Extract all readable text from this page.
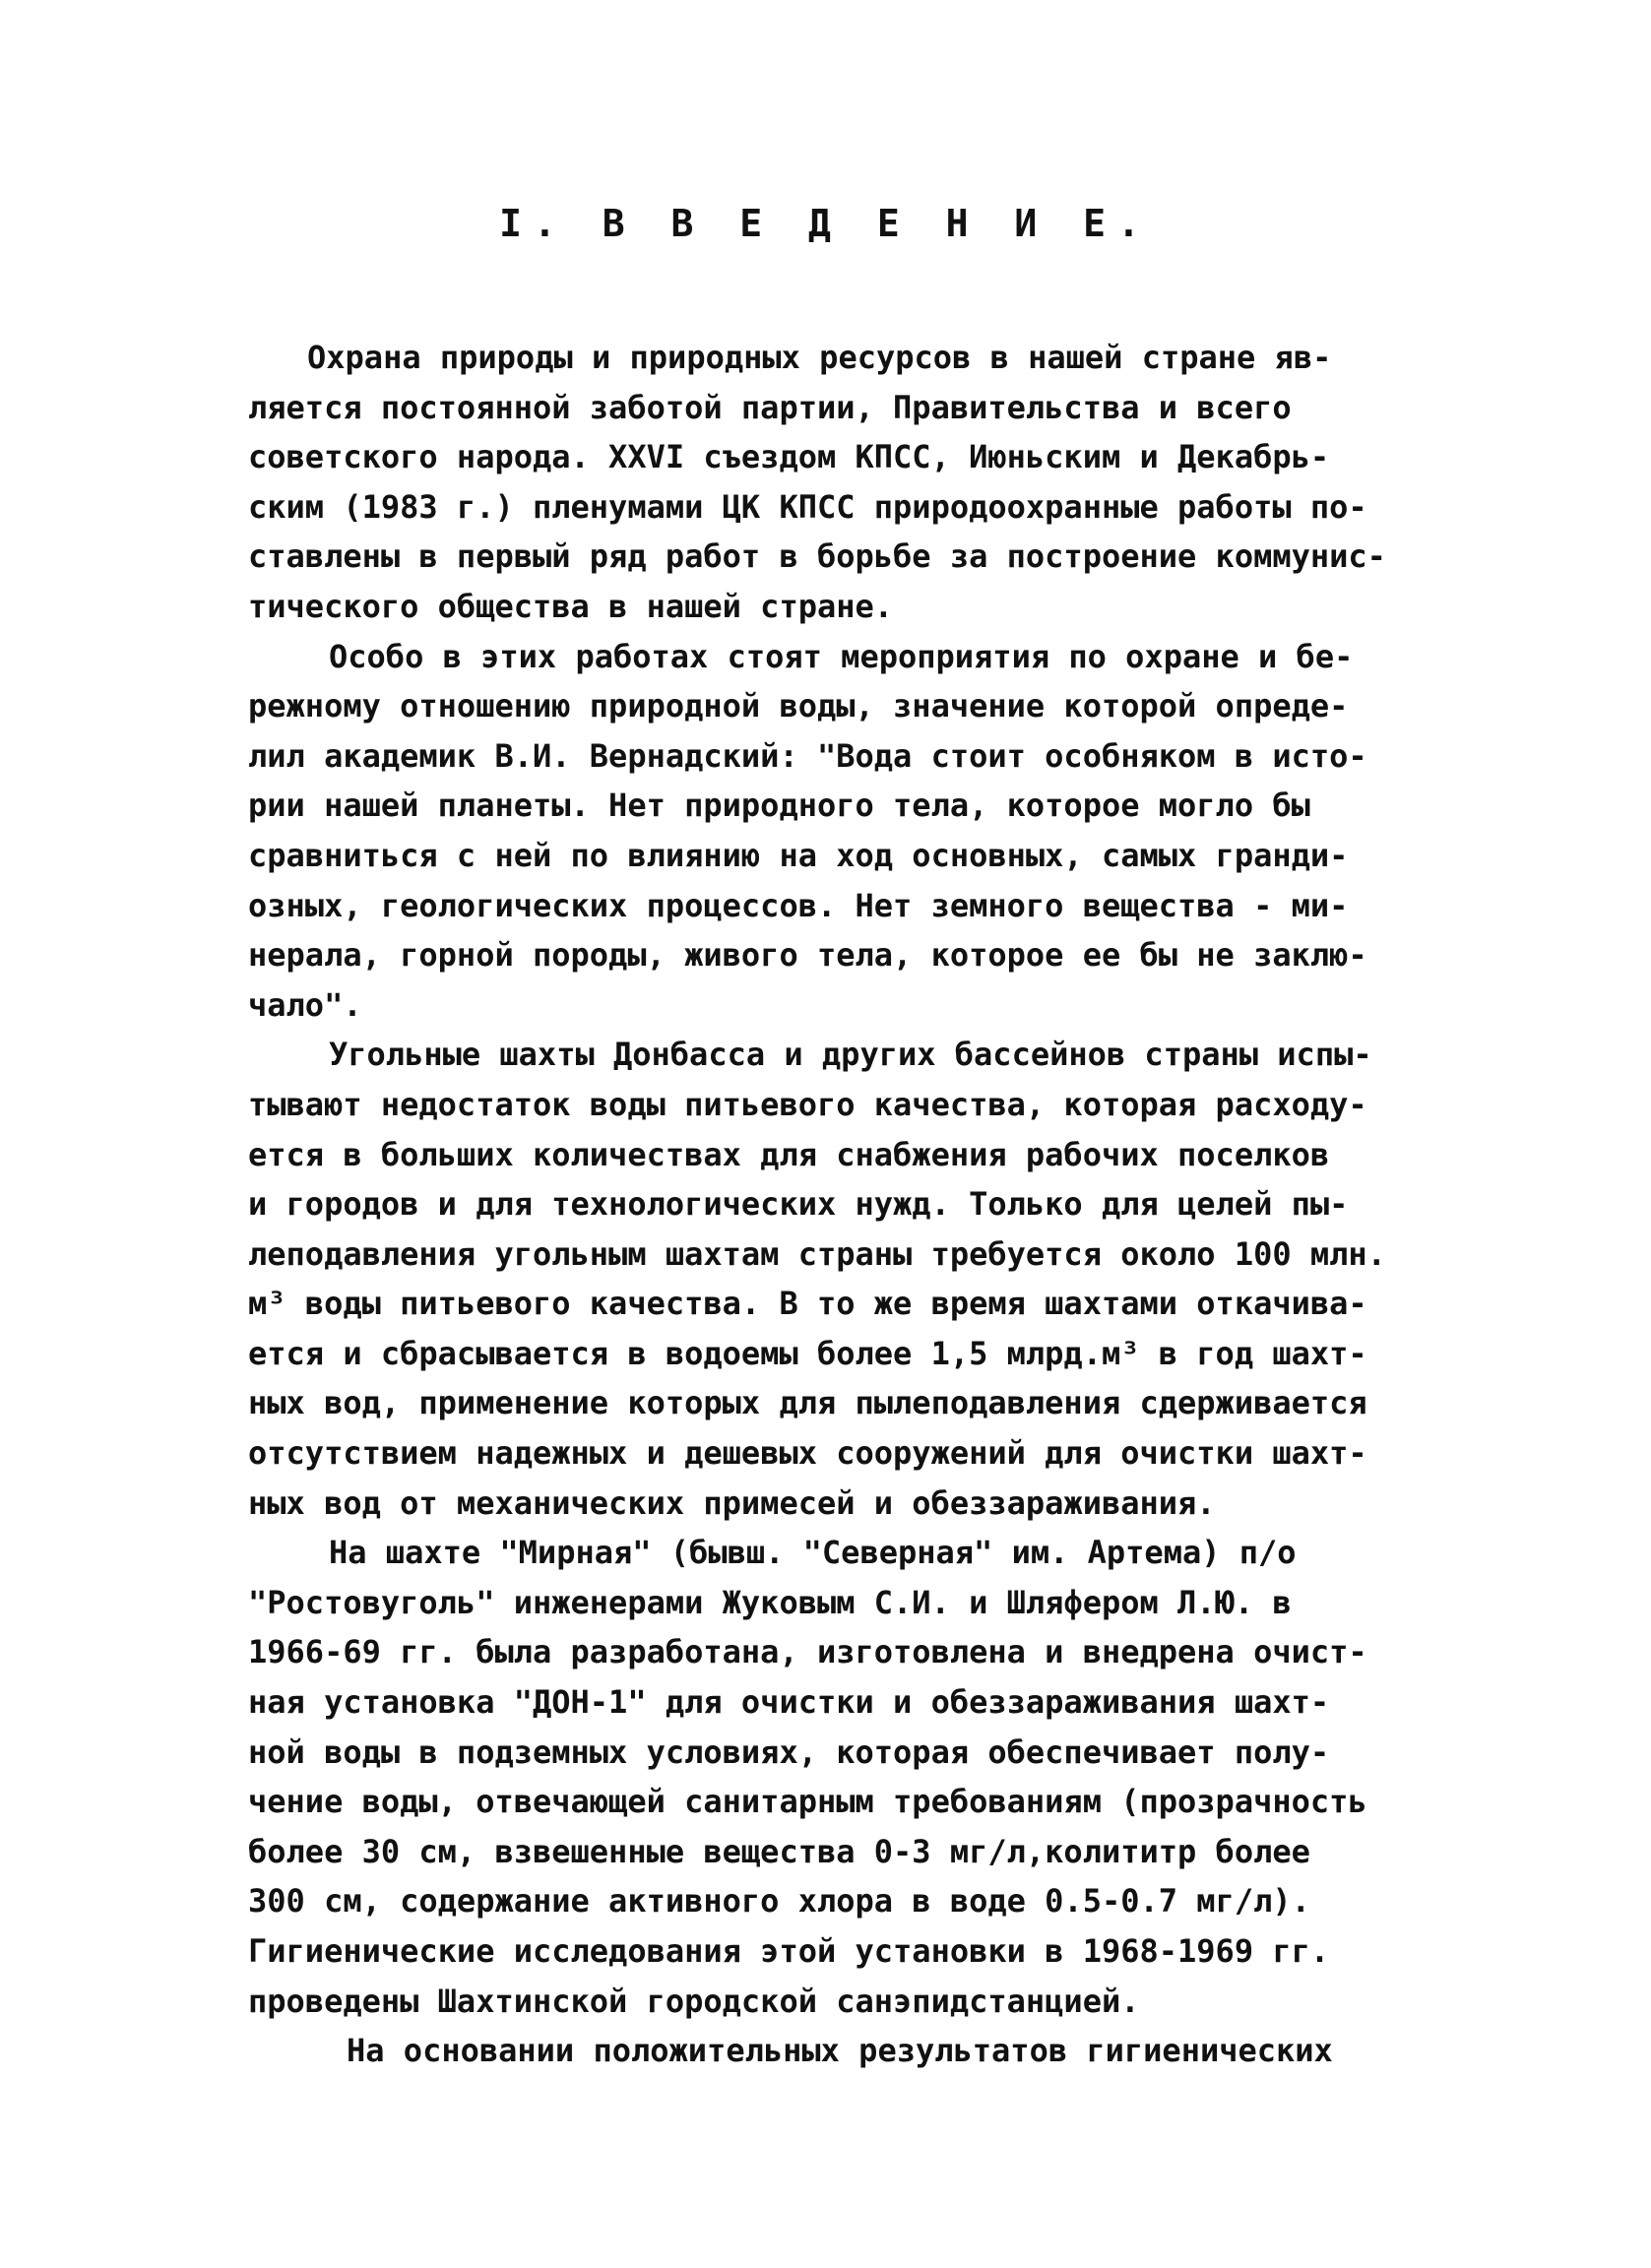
I. В В Е Д Е Н И Е.
Охрана природы и природных ресурсов в нашей стране яв-
ляется постоянной заботой партии, Правительства и всего
советского народа. XXVI съездом КПСС, Июньским и Декабрь-
ским (1983 г.) пленумами ЦК КПСС природоохранные работы по-
ставлены в первый ряд работ в борьбе за построение коммунис-
тического общества в нашей стране.
Особо в этих работах стоят мероприятия по охране и бе-
режному отношению природной воды, значение которой опреде-
лил академик В.И. Вернадский: "Вода стоит особняком в исто-
рии нашей планеты. Нет природного тела, которое могло бы
сравниться с ней по влиянию на ход основных, самых гранди-
озных, геологических процессов. Нет земного вещества - ми-
нерала, горной породы, живого тела, которое ее бы не заклю-
чало".
Угольные шахты Донбасса и других бассейнов страны испы-
тывают недостаток воды питьевого качества, которая расходу-
ется в больших количествах для снабжения рабочих поселков
и городов и для технологических нужд. Только для целей пы-
леподавления угольным шахтам страны требуется около 100 млн.
м³ воды питьевого качества. В то же время шахтами откачива-
ется и сбрасывается в водоемы более 1,5 млрд.м³ в год шахт-
ных вод, применение которых для пылеподавления сдерживается
отсутствием надежных и дешевых сооружений для очистки шахт-
ных вод от механических примесей и обеззараживания.
На шахте "Мирная" (бывш. "Северная" им. Артема) п/о
"Ростовуголь" инженерами Жуковым С.И. и Шляфером Л.Ю. в
1966-69 гг. была разработана, изготовлена и внедрена очист-
ная установка "ДОН-1" для очистки и обеззараживания шахт-
ной воды в подземных условиях, которая обеспечивает полу-
чение воды, отвечающей санитарным требованиям (прозрачность
более 30 см, взвешенные вещества 0-3 мг/л,колититр более
300 см, содержание активного хлора в воде 0.5-0.7 мг/л).
Гигиенические исследования этой установки в 1968-1969 гг.
проведены Шахтинской городской санэпидстанцией.
На основании положительных результатов гигиенических
